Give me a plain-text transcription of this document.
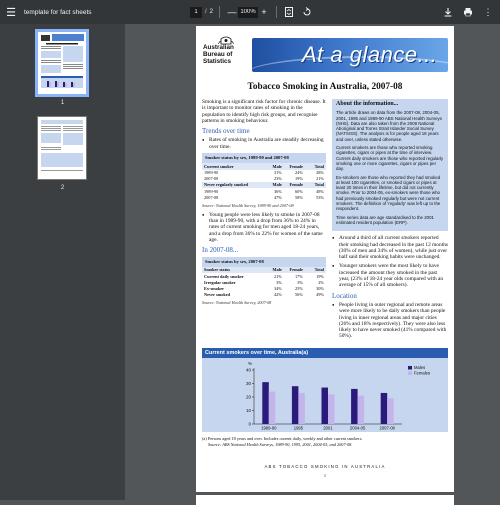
☰	template for fact sheets
1	/ 2 —
100%	+	⋮
1
2
Australian
Bureau of
Statistics	At a glance...
Tobacco Smoking in Australia, 2007-08

Smoking is a significant risk factor for chronic disease. It is important to monitor rates of smoking in the population to identify high risk groups, and recognise patterns in smoking behaviour.

Trends over time
● Rates of smoking in Australia are steadily decreasing over time.
Smoker status by sex, 1989-90 and 2007-08
Current smoker	Male	Female	Total
1989-90	31%	24%	28%
2007-08	23%	19%	21%
Never regularly smoked	Male	Female	Total
1989-90	36%	60%	48%
2007-08	47%	58%	53%
Source: National Health Survey, 1989-90 and 2007-08
● Young people were less likely to smoke in 2007-08 than in 1989-90, with a drop from 36% to 24% in rates of current smoking for men aged 18-24 years, and a drop from 36% to 22% for women of the same age.
In 2007-08...
Smoker status by sex, 2007-08
Smoker status	Male	Female	Total
Current daily smoker	21%	17%	19%
Irregular smoker	3%	3%	2%
Ex-smoker	34%	25%	30%
Never smoked	42%	56%	49%
Source: National Health Survey, 2007-08
About the information...

The article draws on data from the 2007-08, 2004-05, 2001, 1995 and 1989-90 ABS National Health Surveys (NHS). Data are also taken from the 2008 National Aboriginal and Torres Strait Islander Social Survey (NATSISS). The analysis is for people aged 18 years and over, unless stated otherwise.

Current smokers are those who reported smoking cigarettes, cigars or pipes at the time of interview. Current daily smokers are those who reported regularly smoking one or more cigarettes, cigars or pipes per day.

Ex-smokers are those who reported they had smoked at least 100 cigarettes, or smoked cigars or pipes at least 20 times in their lifetime, but did not currently smoke. Prior to 2004-05, ex-smokers were those who had previously smoked regularly but were not current smokers. The definition of 'regularly' was left up to the respondent.

Time series data are age standardised to the 2001 estimated resident population (ERP).

● Around a third of all current smokers reported their smoking had decreased in the past 12 months (30% of men and 34% of women), while just over half said their smoking habits were unchanged.
● Younger smokers were the most likely to have increased the amount they smoked in the past year, (23% of 18-24 year olds compared with an average of 15% of all smokers).
Location
● People living in outer regional and remote areas were more likely to be daily smokers than people living in inner regional areas and major cities (26% and 18% respectively). They were also less likely to have never smoked (41% compared with 50%).
Current smokers over time, Australia(a)
%
0
10
20
30
40
1989-90	1995	2001	2004-05	2007-08
Males
Females
(a) Persons aged 18 years and over. Includes current daily, weekly and other current smokers.
Source: ABS National Health Surveys, 1989-90, 1995, 2001, 2004-05, and 2007-08.
ABS TOBACCO SMOKING IN AUSTRALIA
1
